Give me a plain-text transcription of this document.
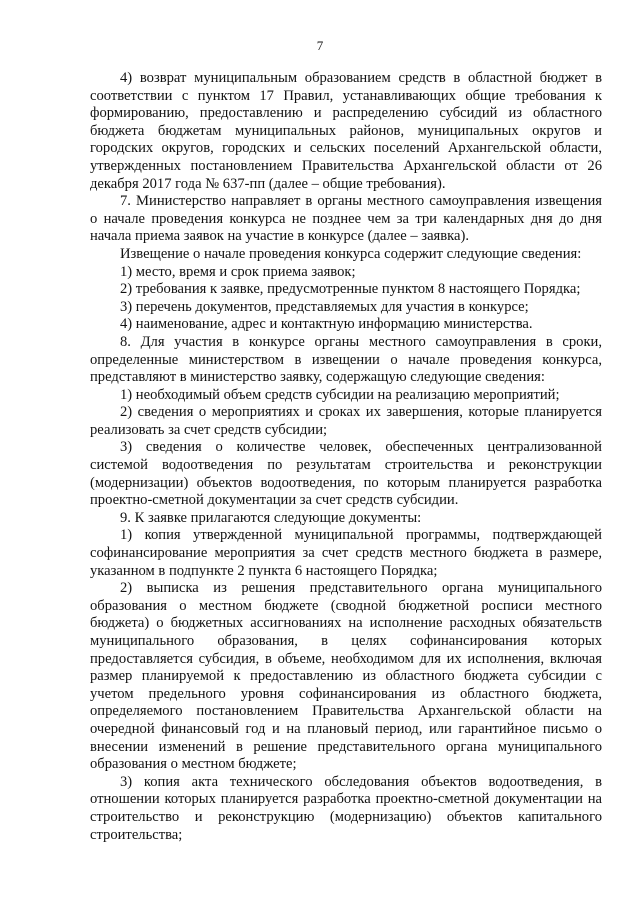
7

4) возврат муниципальным образованием средств в областной бюджет в соответствии с пунктом 17 Правил, устанавливающих общие требования к формированию, предоставлению и распределению субсидий из областного бюджета бюджетам муниципальных районов, муниципальных округов и городских округов, городских и сельских поселений Архангельской области, утвержденных постановлением Правительства Архангельской области от 26 декабря 2017 года № 637-пп (далее – общие требования).

7. Министерство направляет в органы местного самоуправления извещения о начале проведения конкурса не позднее чем за три календарных дня до дня начала приема заявок на участие в конкурсе (далее – заявка).

Извещение о начале проведения конкурса содержит следующие сведения:

1) место, время и срок приема заявок;

2) требования к заявке, предусмотренные пунктом 8 настоящего Порядка;

3) перечень документов, представляемых для участия в конкурсе;

4) наименование, адрес и контактную информацию министерства.

8. Для участия в конкурсе органы местного самоуправления в сроки, определенные министерством в извещении о начале проведения конкурса, представляют в министерство заявку, содержащую следующие сведения:

1) необходимый объем средств субсидии на реализацию мероприятий;

2) сведения о мероприятиях и сроках их завершения, которые планируется реализовать за счет средств субсидии;

3) сведения о количестве человек, обеспеченных централизованной системой водоотведения по результатам строительства и реконструкции (модернизации) объектов водоотведения, по которым планируется разработка проектно-сметной документации за счет средств субсидии.

9. К заявке прилагаются следующие документы:

1) копия утвержденной муниципальной программы, подтверждающей софинансирование мероприятия за счет средств местного бюджета в размере, указанном в подпункте 2 пункта 6 настоящего Порядка;

2) выписка из решения представительного органа муниципального образования о местном бюджете (сводной бюджетной росписи местного бюджета) о бюджетных ассигнованиях на исполнение расходных обязательств муниципального образования, в целях софинансирования которых предоставляется субсидия, в объеме, необходимом для их исполнения, включая размер планируемой к предоставлению из областного бюджета субсидии с учетом предельного уровня софинансирования из областного бюджета, определяемого постановлением Правительства Архангельской области на очередной финансовый год и на плановый период, или гарантийное письмо о внесении изменений в решение представительного органа муниципального образования о местном бюджете;

3) копия акта технического обследования объектов водоотведения, в отношении которых планируется разработка проектно-сметной документации на строительство и реконструкцию (модернизацию) объектов капитального строительства;
